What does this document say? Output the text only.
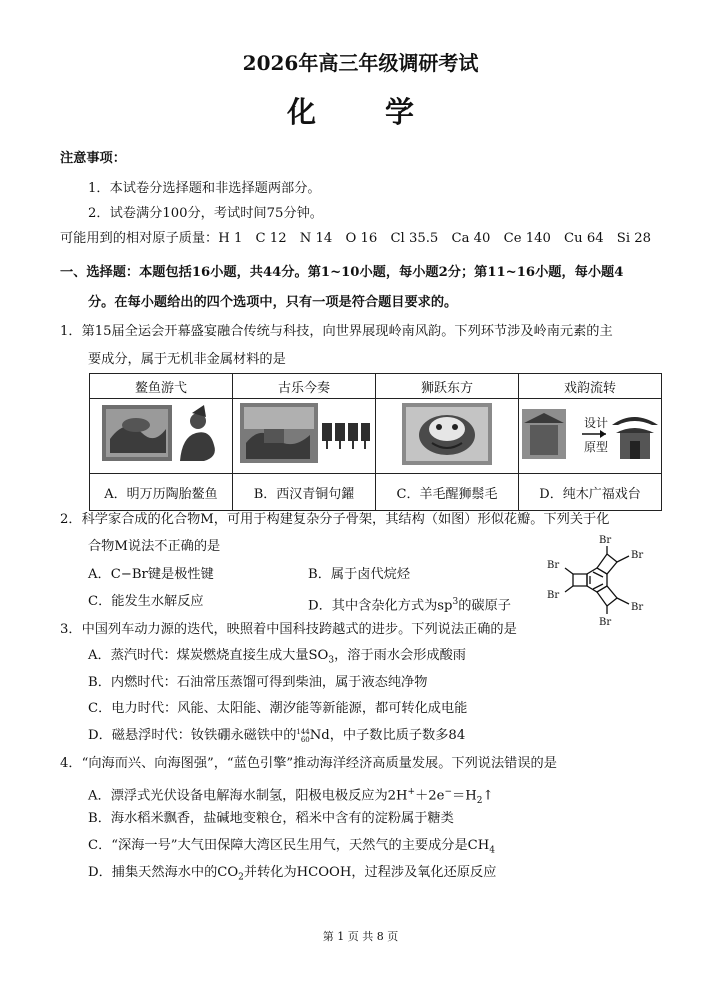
2026年高三年级调研考试
化　学
注意事项：
1．本试卷分选择题和非选择题两部分。
2．试卷满分100分，考试时间75分钟。
可能用到的相对原子质量：H 1　C 12　N 14　O 16　Cl 35.5　Ca 40　Ce 140　Cu 64　Si 28
一、选择题：本题包括16小题，共44分。第1~10小题，每小题2分；第11~16小题，每小题4
分。在每小题给出的四个选项中，只有一项是符合题目要求的。
1．第15届全运会开幕盛宴融合传统与科技，向世界展现岭南风韵。下列环节涉及岭南元素的主
要成分，属于无机非金属材料的是
鳌鱼游弋	古乐今奏	狮跃东方	戏韵流转

设计
原型

A．明万历陶胎鳌鱼	B．西汉青铜句鑃	C．羊毛醒狮鬃毛	D．纯木广福戏台
2．科学家合成的化合物M，可用于构建复杂分子骨架，其结构（如图）形似花瓣。下列关于化
合物M说法不正确的是
A．C−Br键是极性键	B．属于卤代烷烃
C．能发生水解反应	D．其中含杂化方式为$sp^3$的碳原子
Br
Br
Br
Br
Br
Br
3．中国列车动力源的迭代，映照着中国科技跨越式的进步。下列说法正确的是
A．蒸汽时代：煤炭燃烧直接生成大量$SO_3$，溶于雨水会形成酸雨
B．内燃时代：石油常压蒸馏可得到柴油，属于液态纯净物
C．电力时代：风能、太阳能、潮汐能等新能源，都可转化成电能
D．磁悬浮时代：钕铁硼永磁铁中的 144
60 Nd，中子数比质子数多84
4．“向海而兴、向海图强”，“蓝色引擎”推动海洋经济高质量发展。下列说法错误的是
A．漂浮式光伏设备电解海水制氢，阳极电极反应为$2H^++2e^-=H_2↑$
B．海水稻米飘香，盐碱地变粮仓，稻米中含有的淀粉属于糖类
C．“深海一号”大气田保障大湾区民生用气，天然气的主要成分是$CH_4$
D．捕集天然海水中的$CO_2$并转化为HCOOH，过程涉及氧化还原反应
第 1 页 共 8 页
